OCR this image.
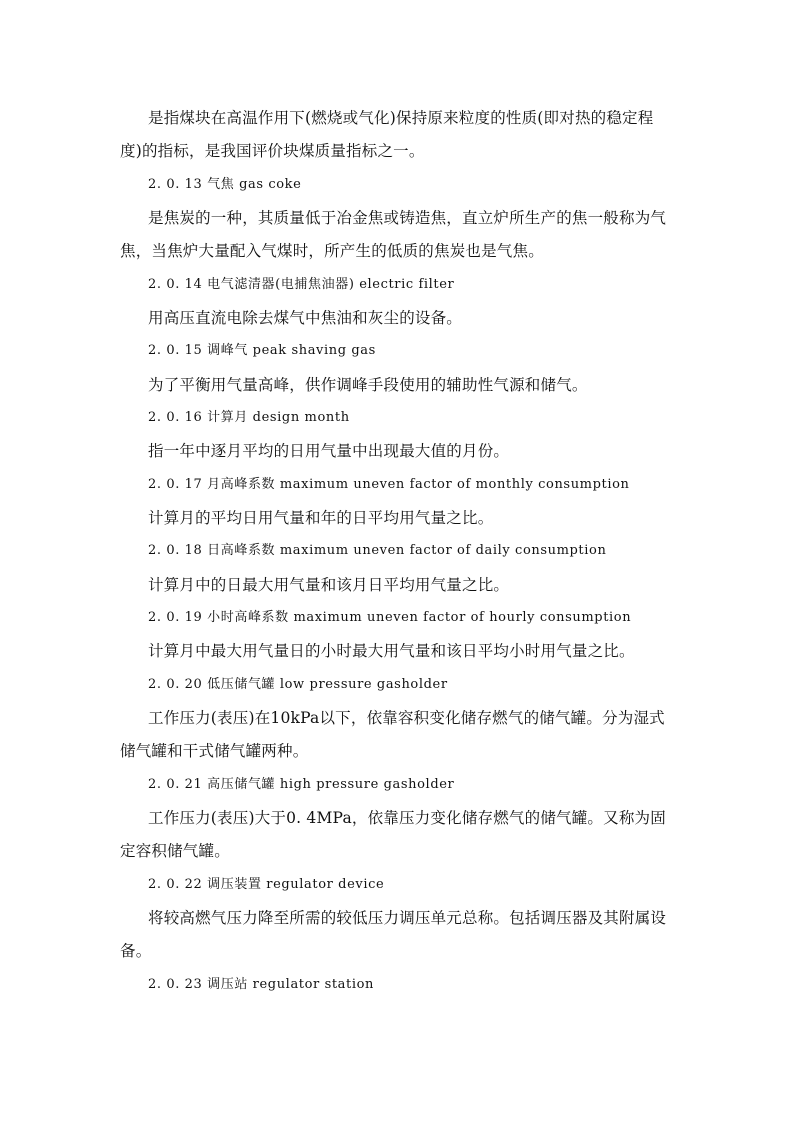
是指煤块在高温作用下(燃烧或气化)保持原来粒度的性质(即对热的稳定程
度)的指标，是我国评价块煤质量指标之一。
2. 0. 13 气焦 gas coke
是焦炭的一种，其质量低于冶金焦或铸造焦，直立炉所生产的焦一般称为气
焦，当焦炉大量配入气煤时，所产生的低质的焦炭也是气焦。
2. 0. 14 电气滤清器(电捕焦油器) electric filter
用高压直流电除去煤气中焦油和灰尘的设备。
2. 0. 15 调峰气 peak shaving gas
为了平衡用气量高峰，供作调峰手段使用的辅助性气源和储气。
2. 0. 16 计算月 design month
指一年中逐月平均的日用气量中出现最大值的月份。
2. 0. 17 月高峰系数 maximum uneven factor of monthly consumption
计算月的平均日用气量和年的日平均用气量之比。
2. 0. 18 日高峰系数 maximum uneven factor of daily consumption
计算月中的日最大用气量和该月日平均用气量之比。
2. 0. 19 小时高峰系数 maximum uneven factor of hourly consumption
计算月中最大用气量日的小时最大用气量和该日平均小时用气量之比。
2. 0. 20 低压储气罐 low pressure gasholder
工作压力(表压)在10kPa以下，依靠容积变化储存燃气的储气罐。分为湿式
储气罐和干式储气罐两种。
2. 0. 21 高压储气罐 high pressure gasholder
工作压力(表压)大于0. 4MPa，依靠压力变化储存燃气的储气罐。又称为固
定容积储气罐。
2. 0. 22 调压装置 regulator device
将较高燃气压力降至所需的较低压力调压单元总称。包括调压器及其附属设
备。
2. 0. 23 调压站 regulator station
